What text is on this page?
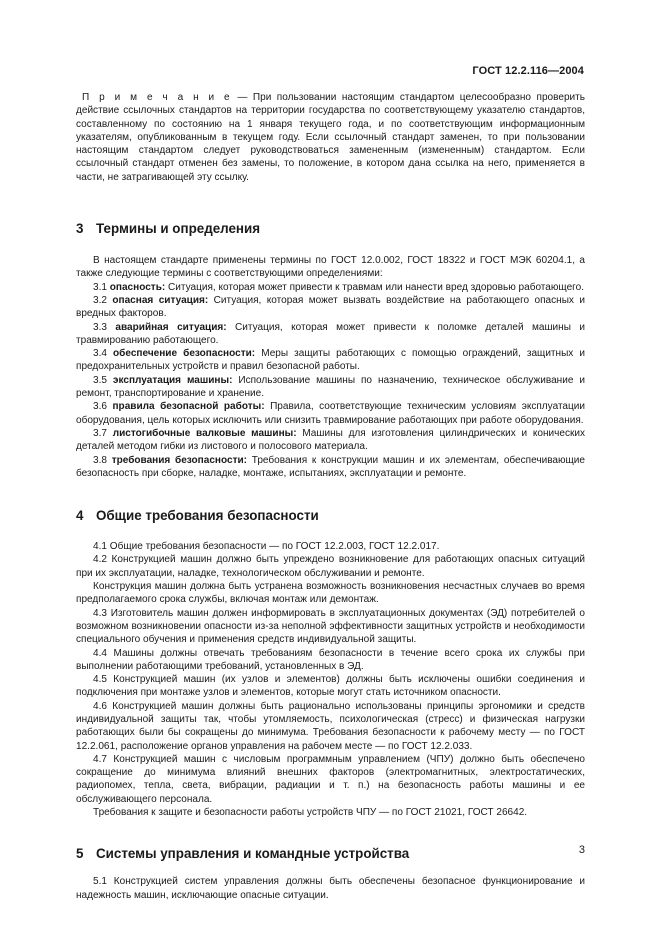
ГОСТ 12.2.116—2004

П р и м е ч а н и е — При пользовании настоящим стандартом целесообразно проверить действие ссылочных стандартов на территории государства по соответствующему указателю стандартов, составленному по состоянию на 1 января текущего года, и по соответствующим информационным указателям, опубликованным в текущем году. Если ссылочный стандарт заменен, то при пользовании настоящим стандартом следует руководствоваться замененным (измененным) стандартом. Если ссылочный стандарт отменен без замены, то положение, в котором дана ссылка на него, применяется в части, не затрагивающей эту ссылку.

3 Термины и определения

В настоящем стандарте применены термины по ГОСТ 12.0.002, ГОСТ 18322 и ГОСТ МЭК 60204.1, а также следующие термины с соответствующими определениями:

3.1 опасность: Ситуация, которая может привести к травмам или нанести вред здоровью работающего.

3.2 опасная ситуация: Ситуация, которая может вызвать воздействие на работающего опасных и вредных факторов.

3.3 аварийная ситуация: Ситуация, которая может привести к поломке деталей машины и травмированию работающего.

3.4 обеспечение безопасности: Меры защиты работающих с помощью ограждений, защитных и предохранительных устройств и правил безопасной работы.

3.5 эксплуатация машины: Использование машины по назначению, техническое обслуживание и ремонт, транспортирование и хранение.

3.6 правила безопасной работы: Правила, соответствующие техническим условиям эксплуатации оборудования, цель которых исключить или снизить травмирование работающих при работе оборудования.

3.7 листогибочные валковые машины: Машины для изготовления цилиндрических и конических деталей методом гибки из листового и полосового материала.

3.8 требования безопасности: Требования к конструкции машин и их элементам, обеспечивающие безопасность при сборке, наладке, монтаже, испытаниях, эксплуатации и ремонте.

4 Общие требования безопасности

4.1 Общие требования безопасности — по ГОСТ 12.2.003, ГОСТ 12.2.017.

4.2 Конструкцией машин должно быть упреждено возникновение для работающих опасных ситуаций при их эксплуатации, наладке, технологическом обслуживании и ремонте.

Конструкция машин должна быть устранена возможность возникновения несчастных случаев во время предполагаемого срока службы, включая монтаж или демонтаж.

4.3 Изготовитель машин должен информировать в эксплуатационных документах (ЭД) потребителей о возможном возникновении опасности из-за неполной эффективности защитных устройств и необходимости специального обучения и применения средств индивидуальной защиты.

4.4 Машины должны отвечать требованиям безопасности в течение всего срока их службы при выполнении работающими требований, установленных в ЭД.

4.5 Конструкцией машин (их узлов и элементов) должны быть исключены ошибки соединения и подключения при монтаже узлов и элементов, которые могут стать источником опасности.

4.6 Конструкцией машин должны быть рационально использованы принципы эргономики и средств индивидуальной защиты так, чтобы утомляемость, психологическая (стресс) и физическая нагрузки работающих были бы сокращены до минимума. Требования безопасности к рабочему месту — по ГОСТ 12.2.061, расположение органов управления на рабочем месте — по ГОСТ 12.2.033.

4.7 Конструкцией машин с числовым программным управлением (ЧПУ) должно быть обеспечено сокращение до минимума влияний внешних факторов (электромагнитных, электростатических, радиопомех, тепла, света, вибрации, радиации и т. п.) на безопасность работы машины и ее обслуживающего персонала.

Требования к защите и безопасности работы устройств ЧПУ — по ГОСТ 21021, ГОСТ 26642.

5 Системы управления и командные устройства

5.1 Конструкцией систем управления должны быть обеспечены безопасное функционирование и надежность машин, исключающие опасные ситуации.

3
